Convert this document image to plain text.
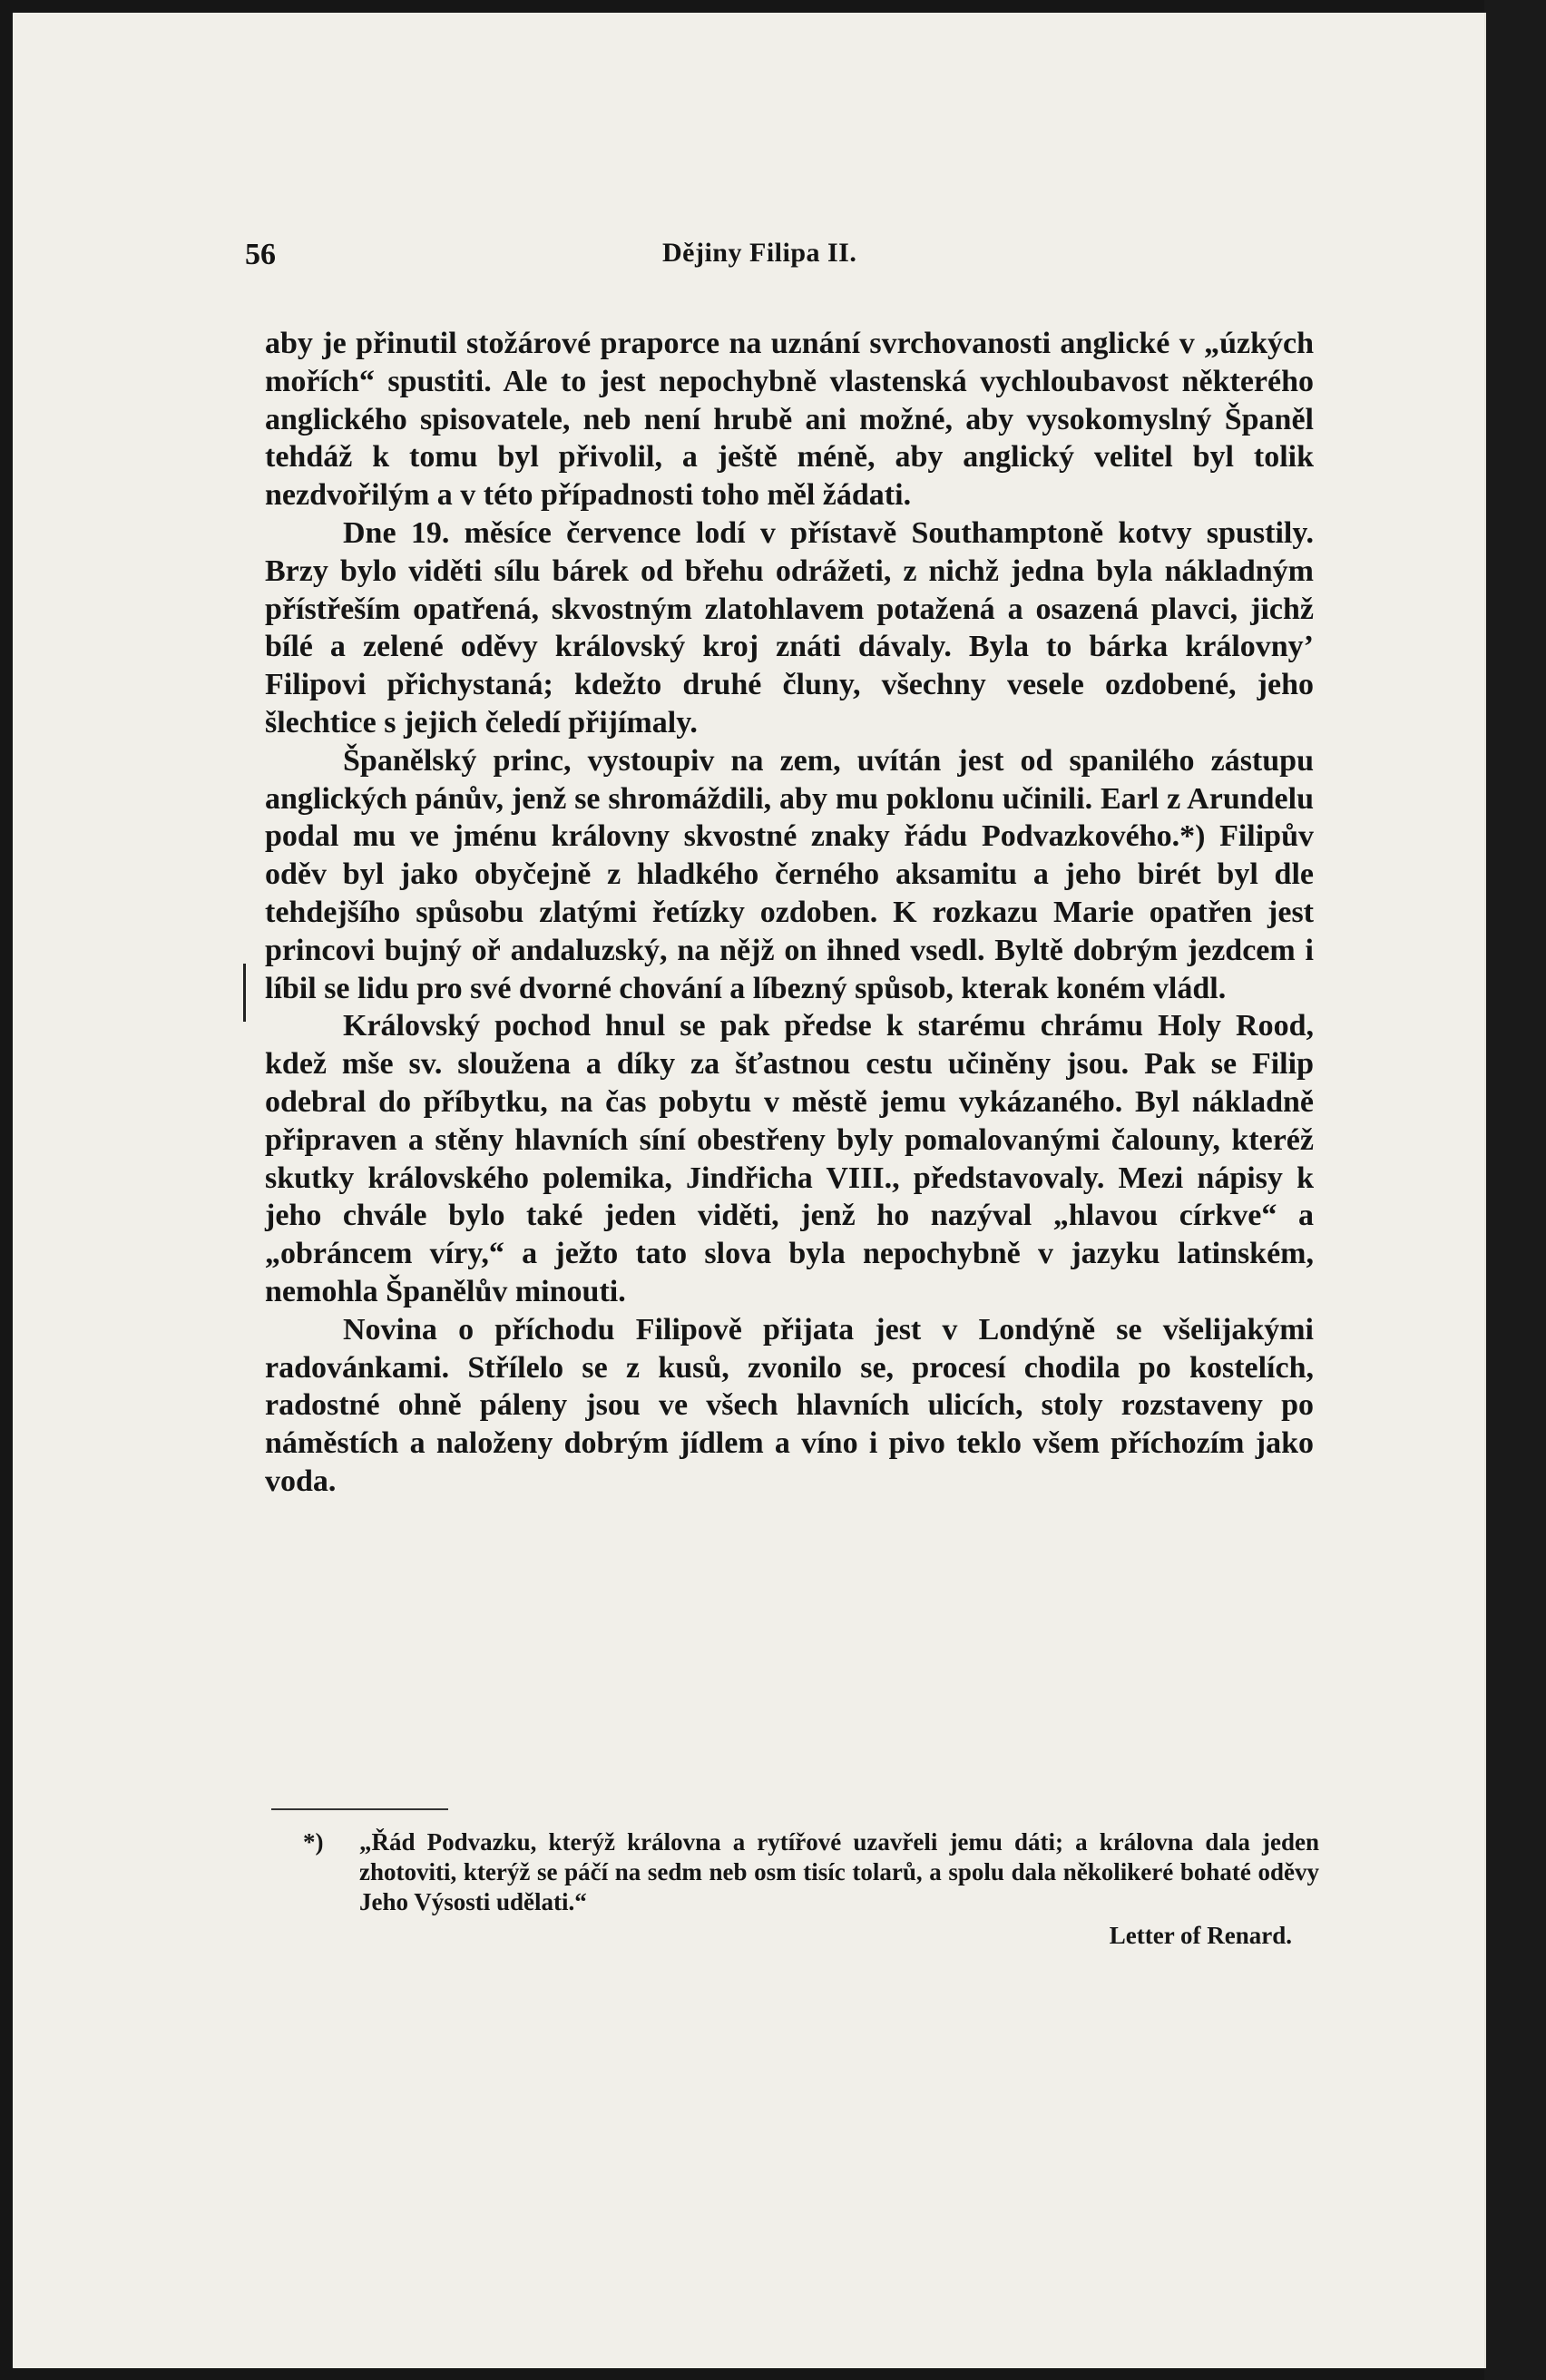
56	Dějiny Filipa II.

aby je přinutil stožárové praporce na uznání svrchovanosti anglické v „úzkých mořích“ spustiti. Ale to jest nepochybně vlastenská vychloubavost některého anglického spisovatele, neb není hrubě ani možné, aby vysokomyslný Španěl tehdáž k tomu byl přivolil, a ještě méně, aby anglický velitel byl tolik nezdvořilým a v této případnosti toho měl žádati.

Dne 19. měsíce července lodí v přístavě Southamptoně kotvy spustily. Brzy bylo viděti sílu bárek od břehu odrážeti, z nichž jedna byla nákladným přístřeším opatřená, skvostným zlatohlavem potažená a osazená plavci, jichž bílé a zelené oděvy královský kroj znáti dávaly. Byla to bárka královny’ Filipovi přichystaná; kdežto druhé čluny, všechny vesele ozdobené, jeho šlechtice s jejich čeledí přijímaly.

Španělský princ, vystoupiv na zem, uvítán jest od spanilého zástupu anglických pánův, jenž se shromáždili, aby mu poklonu učinili. Earl z Arundelu podal mu ve jménu královny skvostné znaky řádu Podvazkového.*) Filipův oděv byl jako obyčejně z hladkého černého aksamitu a jeho birét byl dle tehdejšího spůsobu zlatými řetízky ozdoben. K rozkazu Marie opatřen jest princovi bujný oř andaluzský, na nějž on ihned vsedl. Byltě dobrým jezdcem i líbil se lidu pro své dvorné chování a líbezný spůsob, kterak koném vládl.

Královský pochod hnul se pak předse k starému chrámu Holy Rood, kdež mše sv. sloužena a díky za šťastnou cestu učiněny jsou. Pak se Filip odebral do příbytku, na čas pobytu v městě jemu vykázaného. Byl nákladně připraven a stěny hlavních síní obestřeny byly pomalovanými čalouny, kteréž skutky královského polemika, Jindřicha VIII., představovaly. Mezi nápisy k jeho chvále bylo také jeden viděti, jenž ho nazýval „hlavou církve“ a „obráncem víry,“ a ježto tato slova byla nepochybně v jazyku latinském, nemohla Španělův minouti.

Novina o příchodu Filipově přijata jest v Londýně se všelijakými radovánkami. Střílelo se z kusů, zvonilo se, procesí chodila po kostelích, radostné ohně páleny jsou ve všech hlavních ulicích, stoly rozstaveny po náměstích a naloženy dobrým jídlem a víno i pivo teklo všem příchozím jako voda.

*)	„Řád Podvazku, kterýž královna a rytířové uzavřeli jemu dáti; a královna dala jeden zhotoviti, kterýž se páčí na sedm neb osm tisíc tolarů, a spolu dala několikeré bohaté oděvy Jeho Výsosti udělati.“

Letter of Renard.
